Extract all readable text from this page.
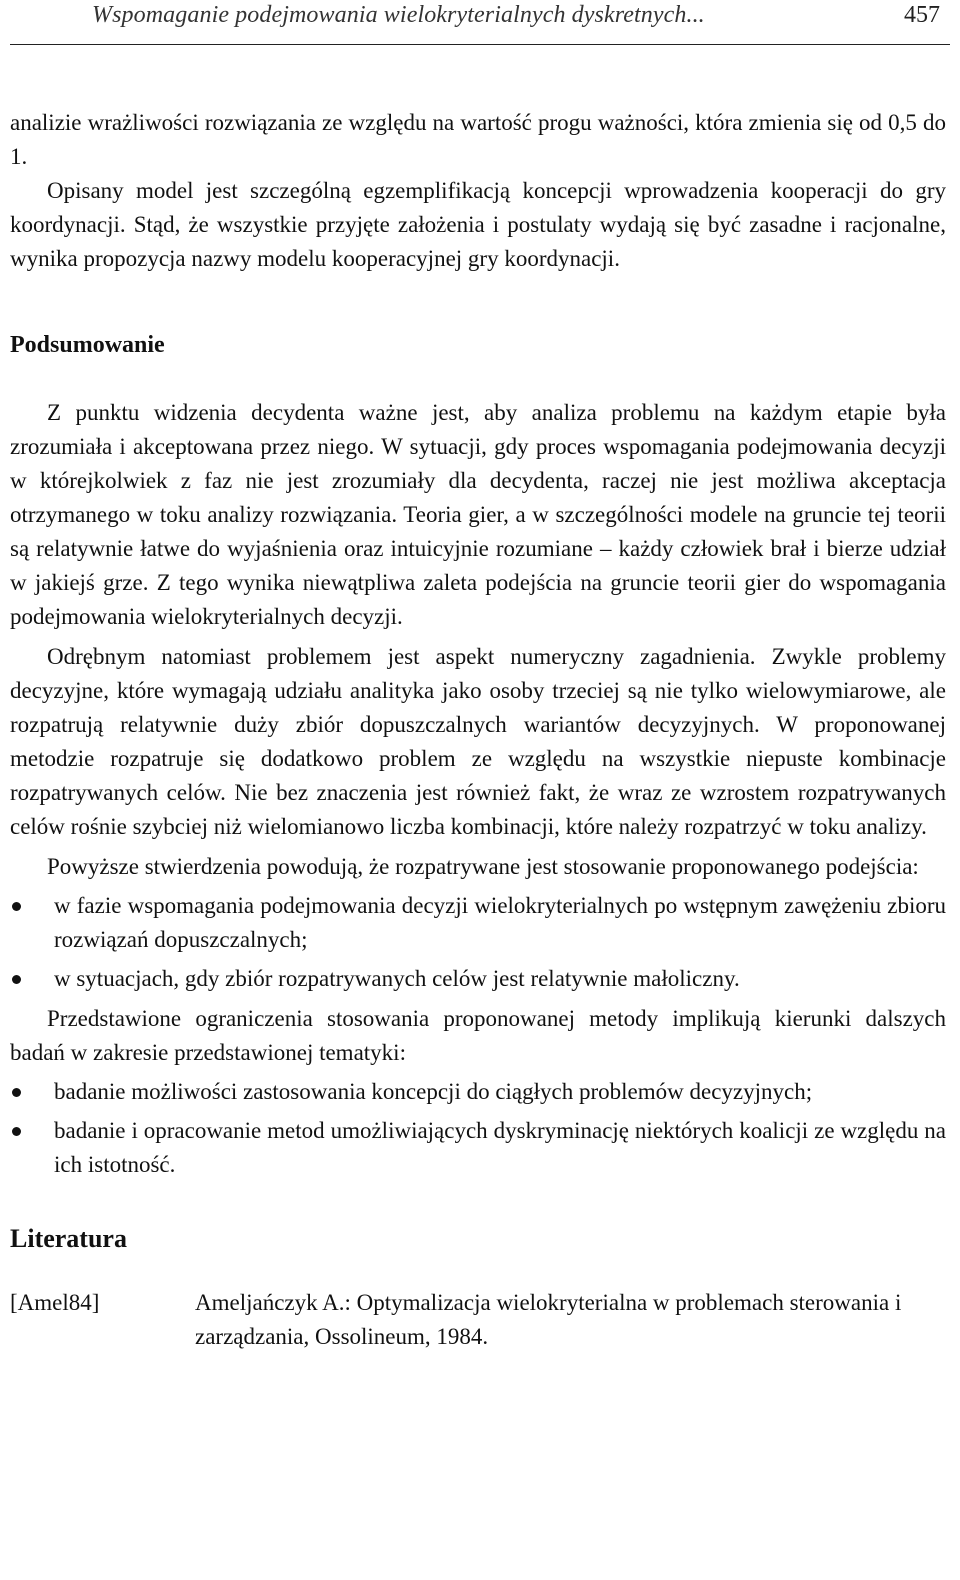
Wspomaganie podejmowania wielokryterialnych dyskretnych...	457

analizie wrażliwości rozwiązania ze względu na wartość progu ważności, która zmienia się od 0,5 do 1.

Opisany model jest szczególną egzemplifikacją koncepcji wprowadzenia kooperacji do gry koordynacji. Stąd, że wszystkie przyjęte założenia i postulaty wydają się być zasadne i racjonalne, wynika propozycja nazwy modelu kooperacyjnej gry koordynacji.

Podsumowanie

Z punktu widzenia decydenta ważne jest, aby analiza problemu na każdym etapie była zrozumiała i akceptowana przez niego. W sytuacji, gdy proces wspomagania podejmowania decyzji w którejkolwiek z faz nie jest zrozumiały dla decydenta, raczej nie jest możliwa akceptacja otrzymanego w toku analizy rozwiązania. Teoria gier, a w szczególności modele na gruncie tej teorii są relatywnie łatwe do wyjaśnienia oraz intuicyjnie rozumiane – każdy człowiek brał i bierze udział w jakiejś grze. Z tego wynika niewątpliwa zaleta podejścia na gruncie teorii gier do wspomagania podejmowania wielokryterialnych decyzji.

Odrębnym natomiast problemem jest aspekt numeryczny zagadnienia. Zwykle problemy decyzyjne, które wymagają udziału analityka jako osoby trzeciej są nie tylko wielowymiarowe, ale rozpatrują relatywnie duży zbiór dopuszczalnych wariantów decyzyjnych. W proponowanej metodzie rozpatruje się dodatkowo problem ze względu na wszystkie niepuste kombinacje rozpatrywanych celów. Nie bez znaczenia jest również fakt, że wraz ze wzrostem rozpatrywanych celów rośnie szybciej niż wielomianowo liczba kombinacji, które należy rozpatrzyć w toku analizy.

Powyższe stwierdzenia powodują, że rozpatrywane jest stosowanie proponowanego podejścia:

w fazie wspomagania podejmowania decyzji wielokryterialnych po wstępnym zawężeniu zbioru rozwiązań dopuszczalnych;
w sytuacjach, gdy zbiór rozpatrywanych celów jest relatywnie małoliczny.

Przedstawione ograniczenia stosowania proponowanej metody implikują kierunki dalszych badań w zakresie przedstawionej tematyki:

badanie możliwości zastosowania koncepcji do ciągłych problemów decyzyjnych;
badanie i opracowanie metod umożliwiających dyskryminację niektórych koalicji ze względu na ich istotność.
Literatura
[Amel84]	Ameljańczyk A.: Optymalizacja wielokryterialna w problemach sterowania i zarządzania, Ossolineum, 1984.
